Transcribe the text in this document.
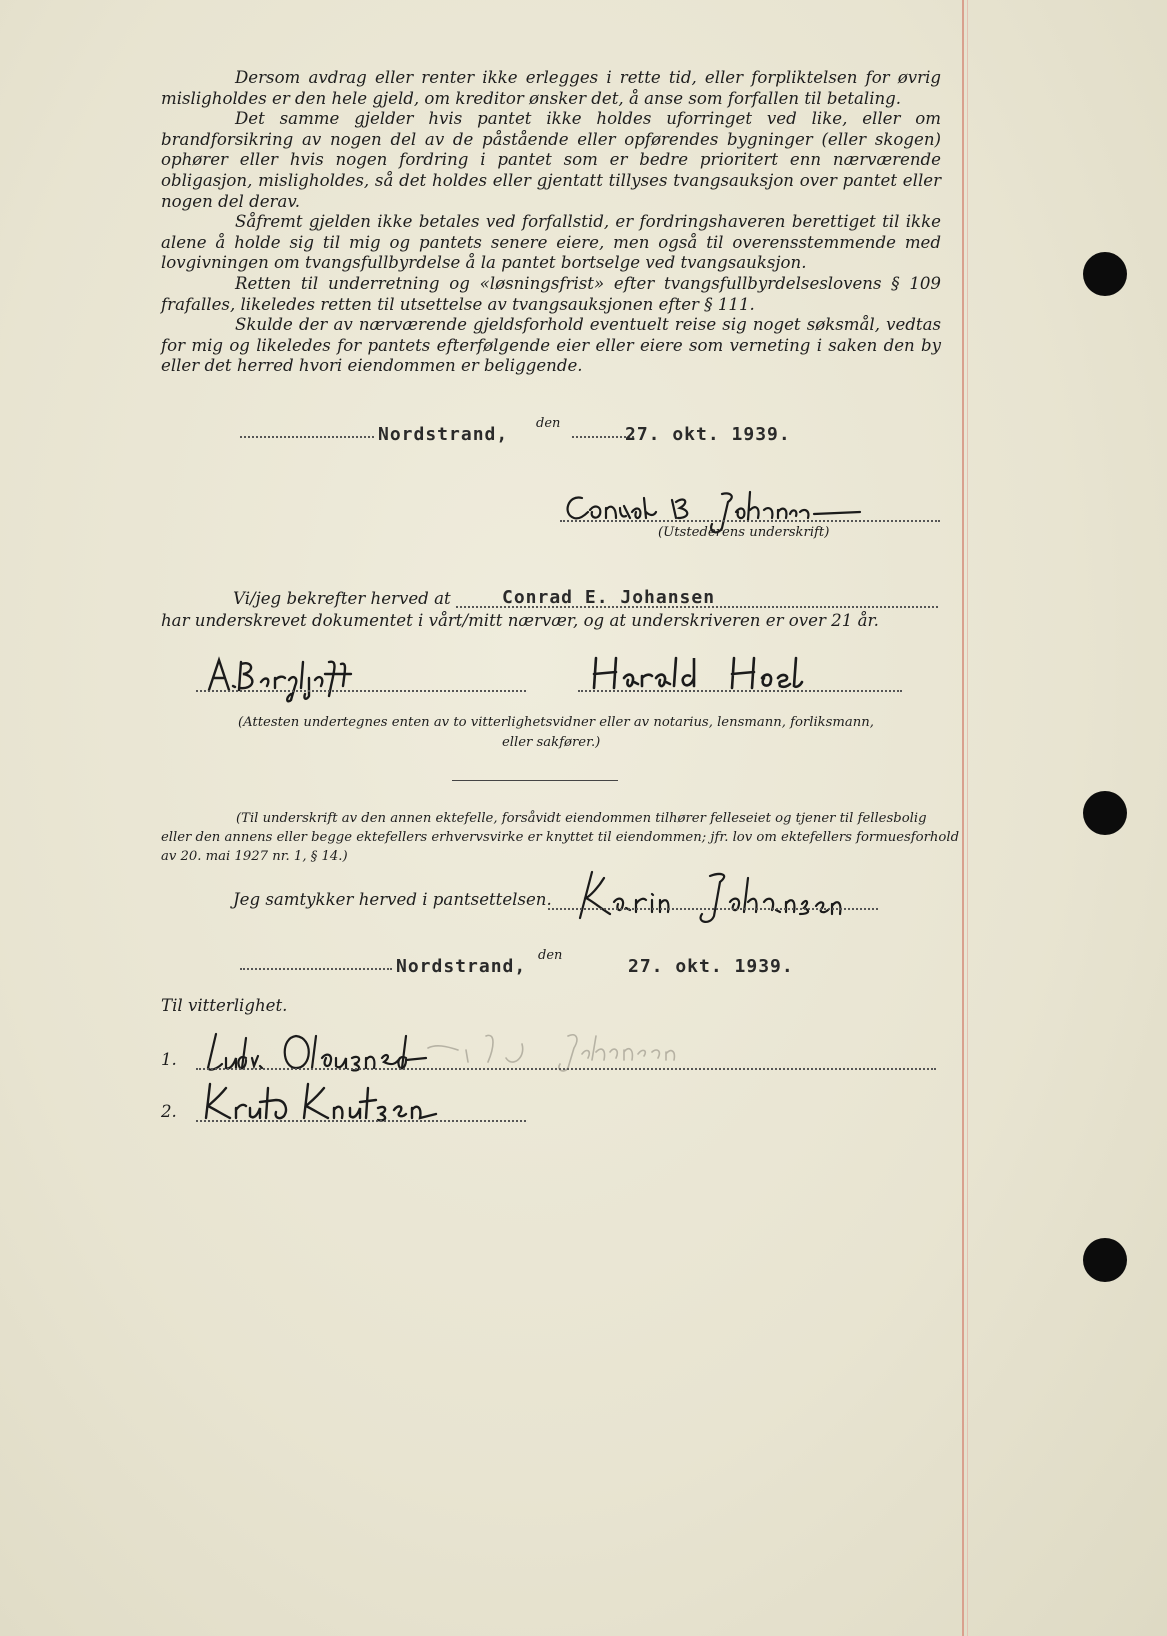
Dersom avdrag eller renter ikke erlegges i rette tid, eller forpliktelsen for øvrig misligholdes er den hele gjeld, om kreditor ønsker det, å anse som forfallen til betaling.

Det samme gjelder hvis pantet ikke holdes uforringet ved like, eller om brandforsikring av nogen del av de påstående eller opførendes bygninger (eller skogen) ophører eller hvis nogen fordring i pantet som er bedre prioritert enn nærværende obligasjon, misligholdes, så det holdes eller gjentatt tillyses tvangsauksjon over pantet eller nogen del derav.

Såfremt gjelden ikke betales ved forfallstid, er fordringshaveren berettiget til ikke alene å holde sig til mig og pantets senere eiere, men også til overensstemmende med lovgivningen om tvangsfullbyrdelse å la pantet bortselge ved tvangsauksjon.

Retten til underretning og «løsningsfrist» efter tvangsfullbyrdelseslovens § 109 frafalles, likeledes retten til utsettelse av tvangsauksjonen efter § 111.

Skulde der av nærværende gjeldsforhold eventuelt reise sig noget søksmål, vedtas for mig og likeledes for pantets efterfølgende eier eller eiere som verneting i saken den by eller det herred hvori eiendommen er beliggende.

Nordstrand,
den
27. okt. 1939.
(Utstederens underskrift)
Vi/jeg bekrefter herved at	Conrad E. Johansen
har underskrevet dokumentet i vårt/mitt nærvær, og at underskriveren er over 21 år.
(Attesten undertegnes enten av to vitterlighetsvidner eller av notarius, lensmann, forliksmann,
eller sakfører.)
(Til underskrift av den annen ektefelle, forsåvidt eiendommen tilhører felleseiet og tjener til fellesbolig
eller den annens eller begge ektefellers erhvervsvirke er knyttet til eiendommen; jfr. lov om ektefellers formuesforhold
av 20. mai 1927 nr. 1, § 14.)
Jeg samtykker herved i pantsettelsen.
Nordstrand,
den
27. okt. 1939.
Til vitterlighet.
1.
2.
